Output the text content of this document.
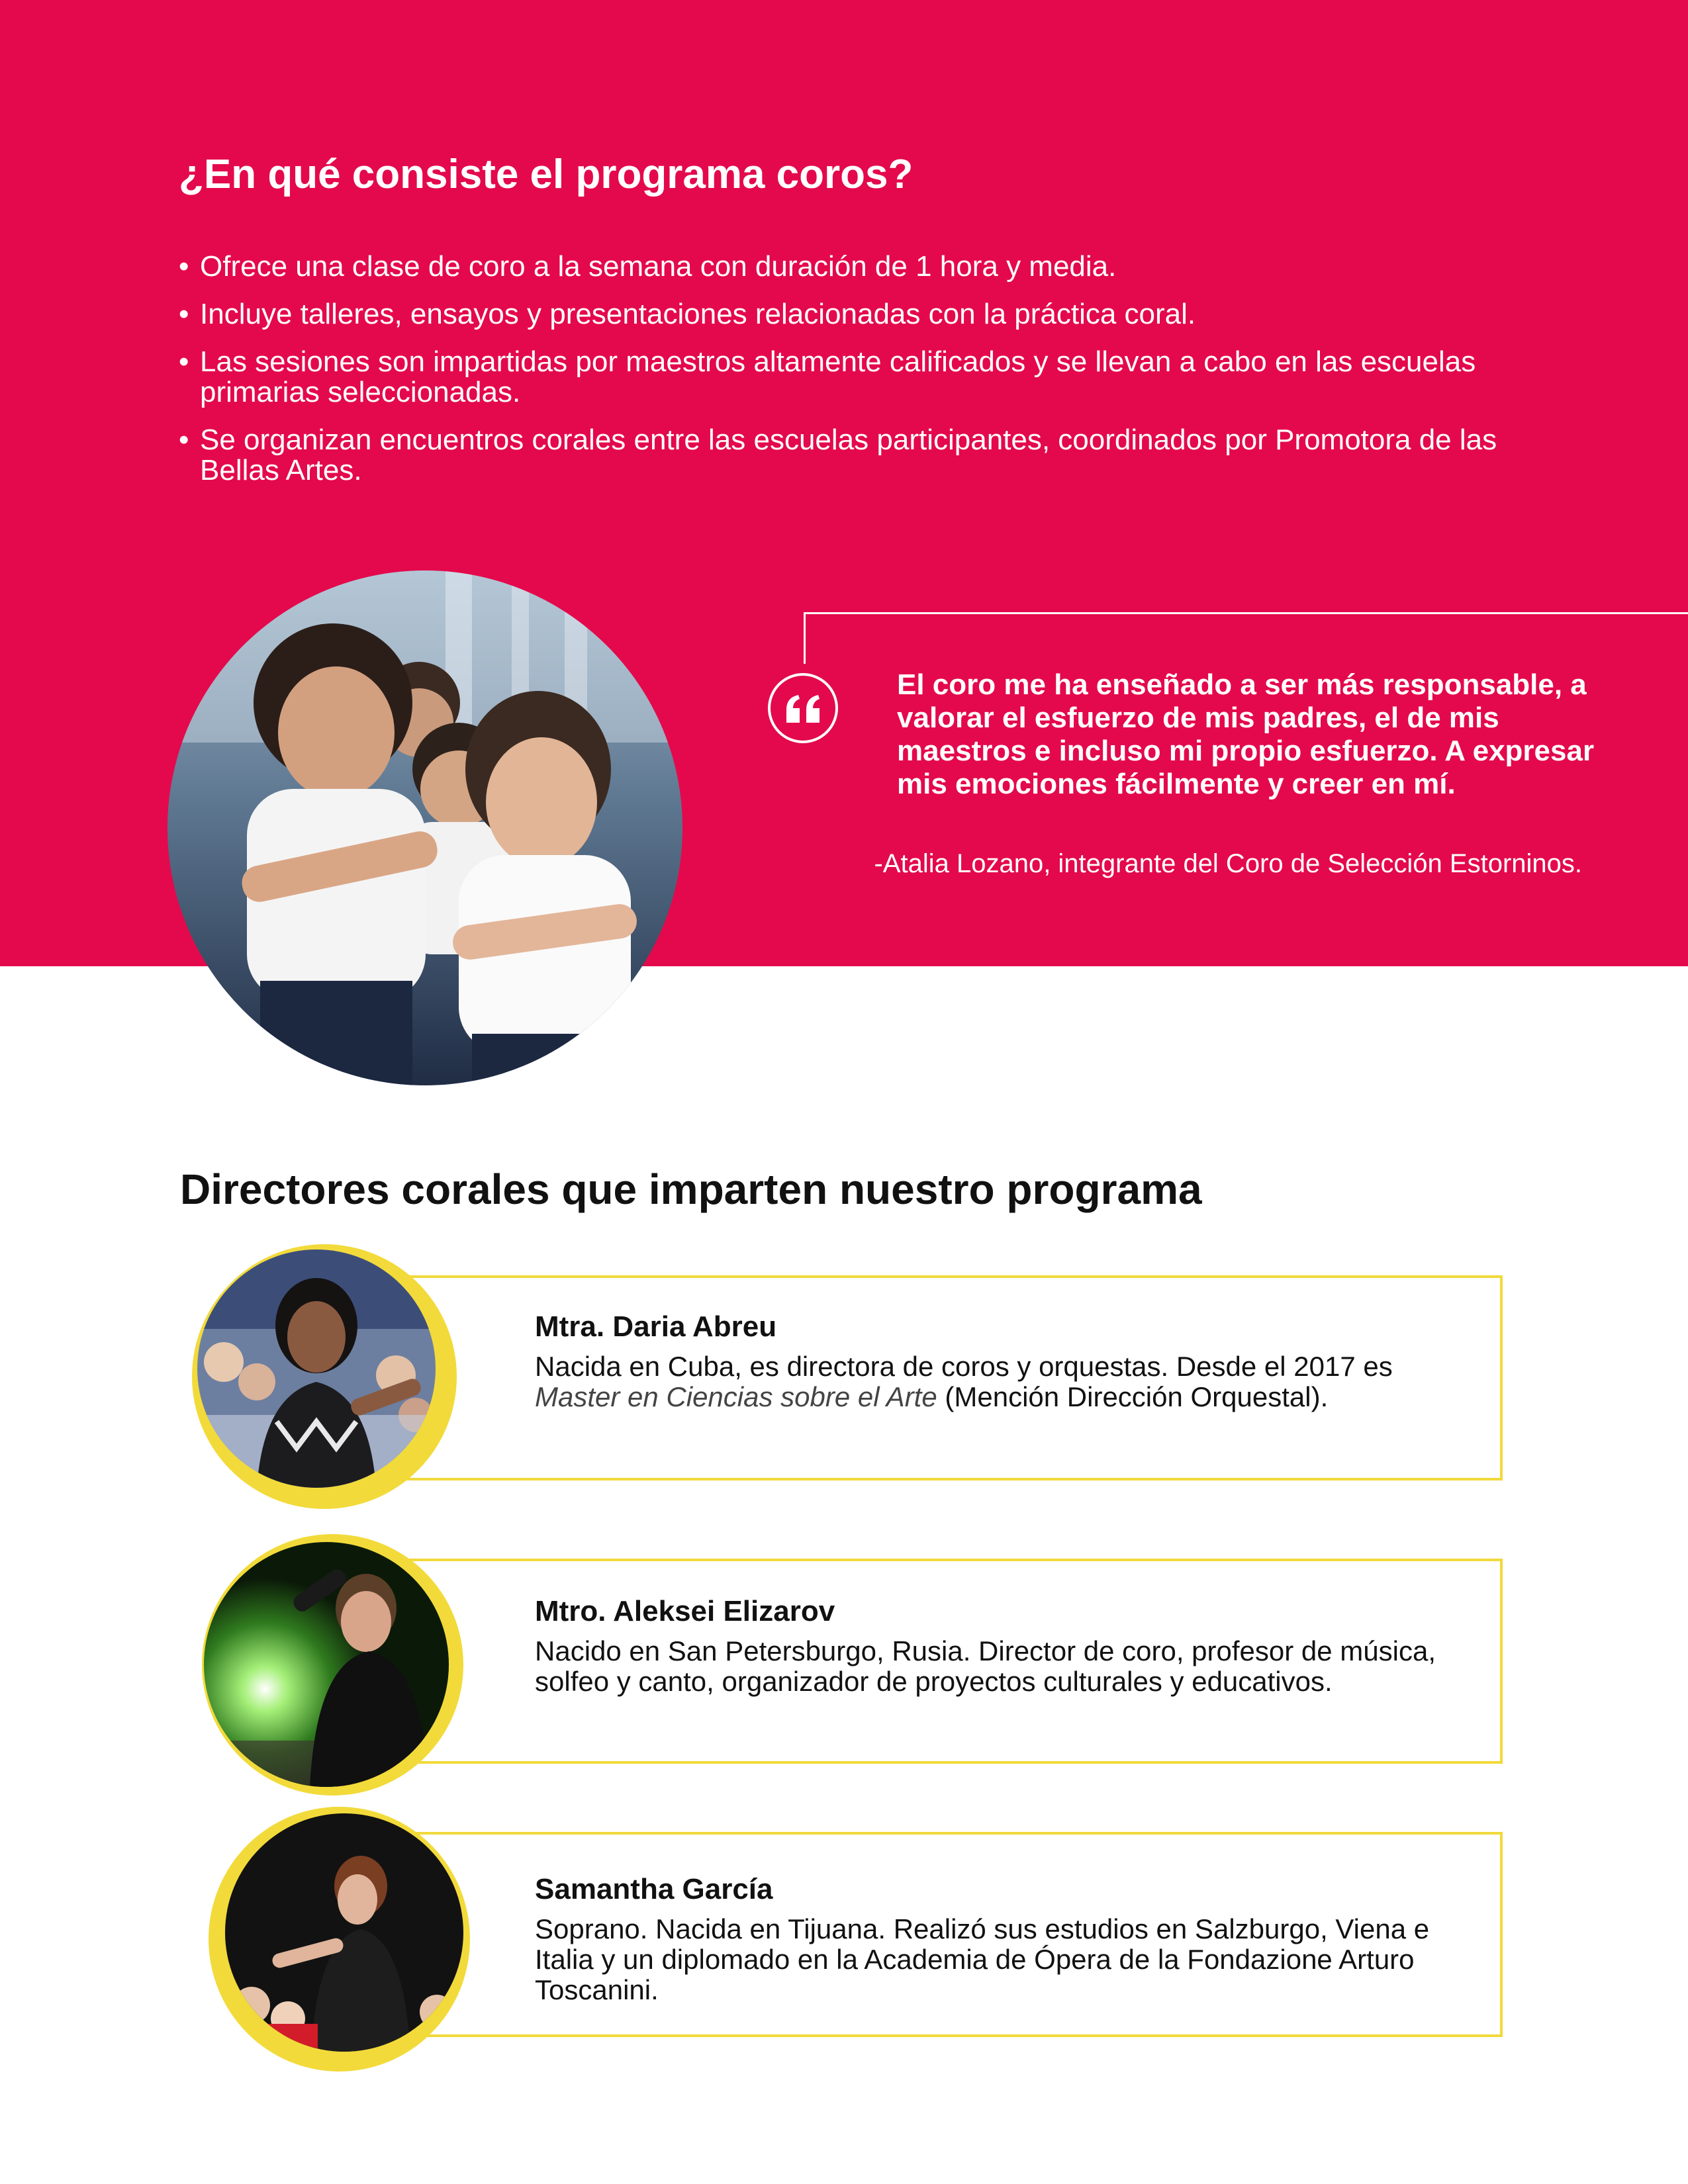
¿En qué consiste el programa coros?
• Ofrece una clase de coro a la semana con duración de 1 hora y media.
• Incluye talleres, ensayos y presentaciones relacionadas con la práctica coral.
• Las sesiones son impartidas por maestros altamente calificados y se llevan a cabo en las escuelas primarias seleccionadas.
• Se organizan encuentros corales entre las escuelas participantes, coordinados por Promotora de las Bellas Artes.

El coro me ha enseñado a ser más responsable, a valorar el esfuerzo de mis padres, el de mis maestros e incluso mi propio esfuerzo. A expresar mis emociones fácilmente y creer en mí.

-Atalia Lozano, integrante del Coro de Selección Estorninos.

Directores corales que imparten nuestro programa

Mtra. Daria Abreu

Nacida en Cuba, es directora de coros y orquestas. Desde el 2017 es Master en Ciencias sobre el Arte (Mención Dirección Orquestal).

Mtro. Aleksei Elizarov

Nacido en San Petersburgo, Rusia. Director de coro, profesor de música, solfeo y canto, organizador de proyectos culturales y educativos.

Samantha García

Soprano. Nacida en Tijuana. Realizó sus estudios en Salzburgo, Viena e Italia y un diplomado en la Academia de Ópera de la Fondazione Arturo Toscanini.
